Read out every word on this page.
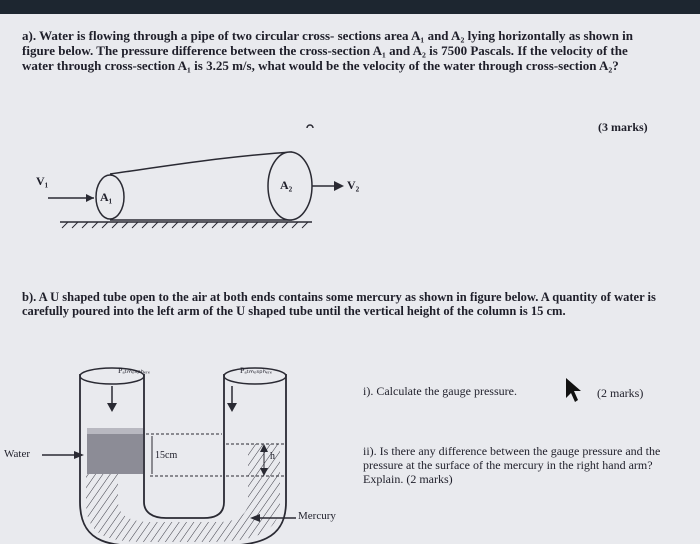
a). Water is flowing through a pipe of two circular cross- sections area A₁ and A₂ lying horizontally as shown in figure below. The pressure difference between the cross-section A₁ and A₂ is 7500 Pascals. If the velocity of the water through cross-section A₁ is 3.25 m/s, what would be the velocity of the water through cross-section A₂?
(3 marks)
V₁
A₁
A₂	V₂
b). A U shaped tube open to the air at both ends contains some mercury as shown in figure below. A quantity of water is carefully poured into the left arm of the U shaped tube until the vertical height of the column is 15 cm.
Pₐₜₘₒₛₚₕₑᵣₑ	Pₐₜₘₒₛₚₕₑᵣₑ
Water	15cm	h
Mercury
i). Calculate the gauge pressure.	(2 marks)
ii). Is there any difference between the gauge pressure and the pressure at the surface of the mercury in the right hand arm? Explain. (2 marks)
